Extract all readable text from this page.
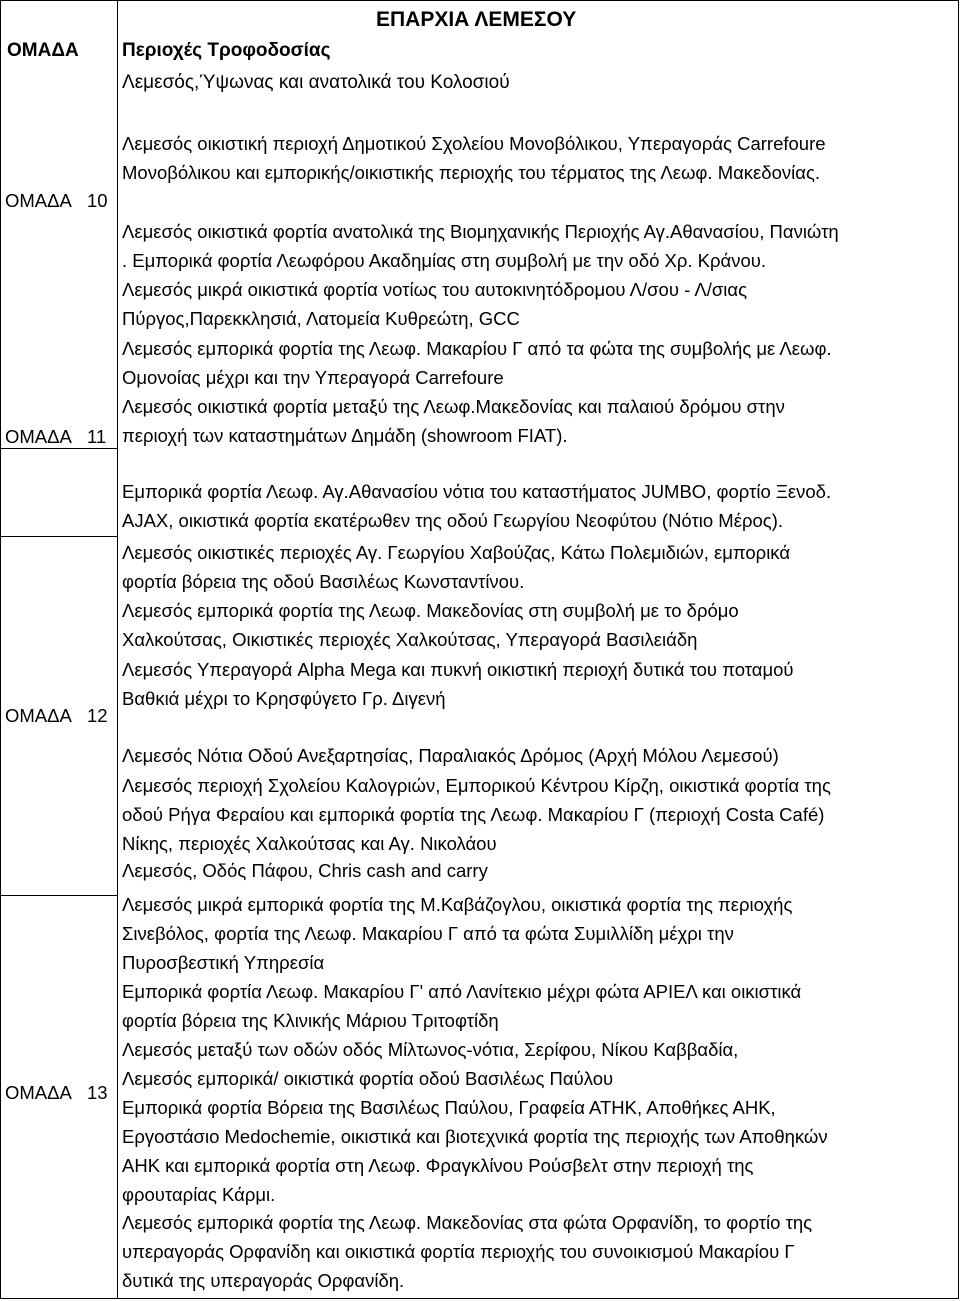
ΕΠΑΡΧΙΑ ΛΕΜΕΣΟΥ
ΟΜΑΔΑ Περιοχές Τροφοδοσίας
Λεμεσός,Ύψωνας και ανατολικά του Κολοσιού
ΟΜΑΔΑ 10
ΟΜΑΔΑ 11
ΟΜΑΔΑ 12
ΟΜΑΔΑ 13
Λεμεσός οικιστική περιοχή Δημοτικού Σχολείου Μονοβόλικου, Υπεραγοράς Carrefoure
Μονοβόλικου και εμπορικής/οικιστικής περιοχής του τέρματος της Λεωφ. Μακεδονίας.
Λεμεσός οικιστικά φορτία ανατολικά της Βιομηχανικής Περιοχής Αγ.Αθανασίου, Πανιώτη
. Εμπορικά φορτία Λεωφόρου Ακαδημίας στη συμβολή με την οδό Χρ. Κράνου.
Λεμεσός μικρά οικιστικά φορτία νοτίως του αυτοκινητόδρομου Λ/σου - Λ/σιας
Πύργος,Παρεκκλησιά, Λατομεία Κυθρεώτη, GCC
Λεμεσός εμπορικά φορτία της Λεωφ. Μακαρίου Γ από τα φώτα της συμβολής με Λεωφ.
Ομονοίας μέχρι και την Υπεραγορά Carrefoure
Λεμεσός οικιστικά φορτία μεταξύ της Λεωφ.Μακεδονίας και παλαιού δρόμου στην
περιοχή των καταστημάτων Δημάδη (showroom FIAT).
Εμπορικά φορτία Λεωφ. Αγ.Αθανασίου νότια του καταστήματος JUMBO, φορτίο Ξενοδ.
AJAX, οικιστικά φορτία εκατέρωθεν της οδού Γεωργίου Νεοφύτου (Νότιο Μέρος).
Λεμεσός οικιστικές περιοχές Αγ. Γεωργίου Χαβούζας, Κάτω Πολεμιδιών, εμπορικά
φορτία βόρεια της οδού Βασιλέως Κωνσταντίνου.
Λεμεσός εμπορικά φορτία της Λεωφ. Μακεδονίας στη συμβολή με το δρόμο
Χαλκούτσας, Οικιστικές περιοχές Χαλκούτσας, Υπεραγορά Βασιλειάδη
Λεμεσός Υπεραγορά Alpha Mega και πυκνή οικιστική περιοχή δυτικά του ποταμού
Βαθκιά μέχρι το Κρησφύγετο Γρ. Διγενή
Λεμεσός Νότια Οδού Ανεξαρτησίας, Παραλιακός Δρόμος (Αρχή Μόλου Λεμεσού)
Λεμεσός περιοχή Σχολείου Καλογριών, Εμπορικού Κέντρου Κίρζη, οικιστικά φορτία της
οδού Ρήγα Φεραίου και εμπορικά φορτία της Λεωφ. Μακαρίου Γ (περιοχή Costa Café)
Νίκης, περιοχές Χαλκούτσας και Αγ. Νικολάου
Λεμεσός, Οδός Πάφου, Chris cash and carry
Λεμεσός μικρά εμπορικά φορτία της Μ.Καβάζογλου, οικιστικά φορτία της περιοχής
Σινεβόλος, φορτία της Λεωφ. Μακαρίου Γ από τα φώτα Συμιλλίδη μέχρι την
Πυροσβεστική Υπηρεσία
Εμπορικά φορτία Λεωφ. Μακαρίου Γ' από Λανίτεκιο μέχρι φώτα ΑΡΙΕΛ και οικιστικά
φορτία βόρεια της Κλινικής Μάριου Τριτοφτίδη
Λεμεσός μεταξύ των οδών οδός Μίλτωνος-νότια, Σερίφου, Νίκου Καββαδία,
Λεμεσός εμπορικά/ οικιστικά φορτία οδού Βασιλέως Παύλου
Εμπορικά φορτία Βόρεια της Βασιλέως Παύλου, Γραφεία ΑΤΗΚ, Αποθήκες ΑΗΚ,
Εργοστάσιο Medochemie, οικιστικά και βιοτεχνικά φορτία της περιοχής των Αποθηκών
ΑΗΚ και εμπορικά φορτία στη Λεωφ. Φραγκλίνου Ρούσβελτ στην περιοχή της
φρουταρίας Κάρμι.
Λεμεσός εμπορικά φορτία της Λεωφ. Μακεδονίας στα φώτα Ορφανίδη, το φορτίο της
υπεραγοράς Ορφανίδη και οικιστικά φορτία περιοχής του συνοικισμού Μακαρίου Γ
δυτικά της υπεραγοράς Ορφανίδη.
